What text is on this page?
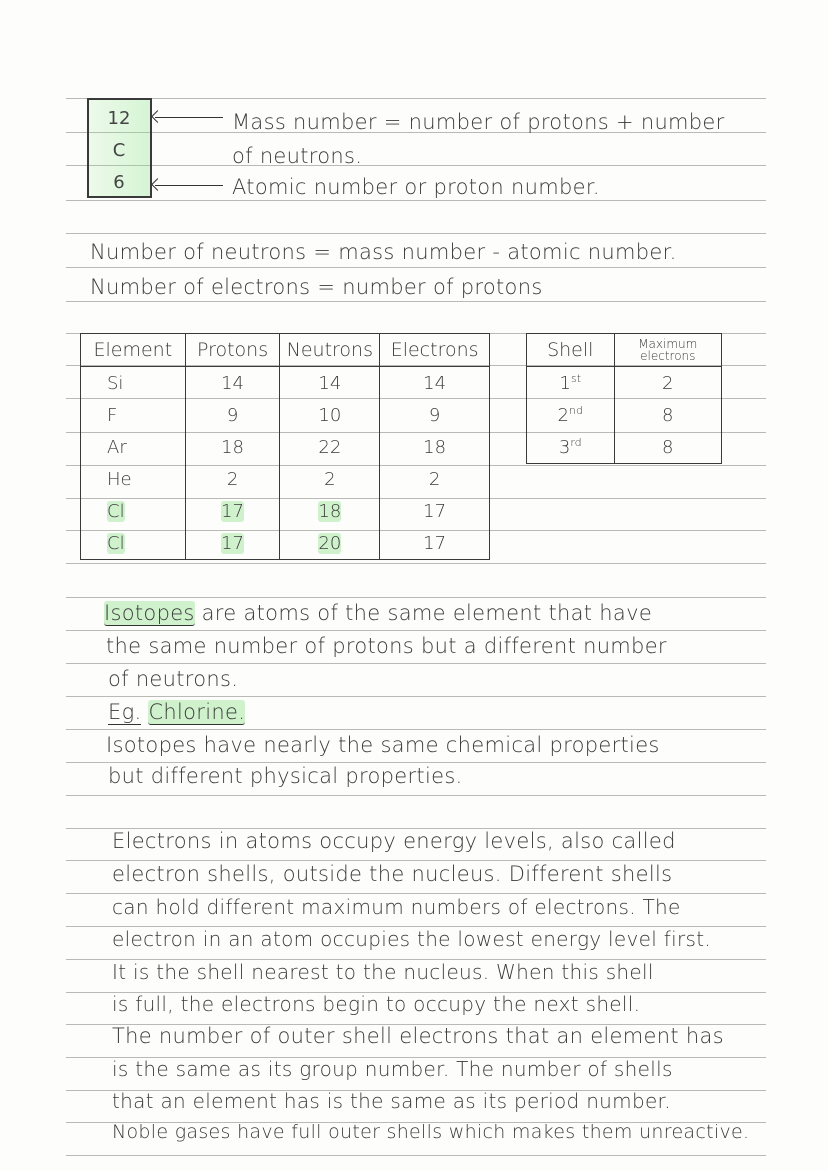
12
C
6
Mass number = number of protons + number
of neutrons.
Atomic number or proton number.
Number of neutrons = mass number - atomic number.
Number of electrons = number of protons
Element	Protons	Neutrons	Electrons
Si	14	14	14
F	9	10	9
Ar	18	22	18
He	2	2	2
Cl	17	18	17
Cl	17	20	17
Shell	Maximum electrons
1st	2
2nd	8
3rd	8
Isotopes are atoms of the same element that have
the same number of protons but a different number
of neutrons.
Eg. Chlorine.
Isotopes have nearly the same chemical properties
but different physical properties.
Electrons in atoms occupy energy levels, also called
electron shells, outside the nucleus. Different shells
can hold different maximum numbers of electrons. The
electron in an atom occupies the lowest energy level first.
It is the shell nearest to the nucleus. When this shell
is full, the electrons begin to occupy the next shell.
The number of outer shell electrons that an element has
is the same as its group number. The number of shells
that an element has is the same as its period number.
Noble gases have full outer shells which makes them unreactive.
